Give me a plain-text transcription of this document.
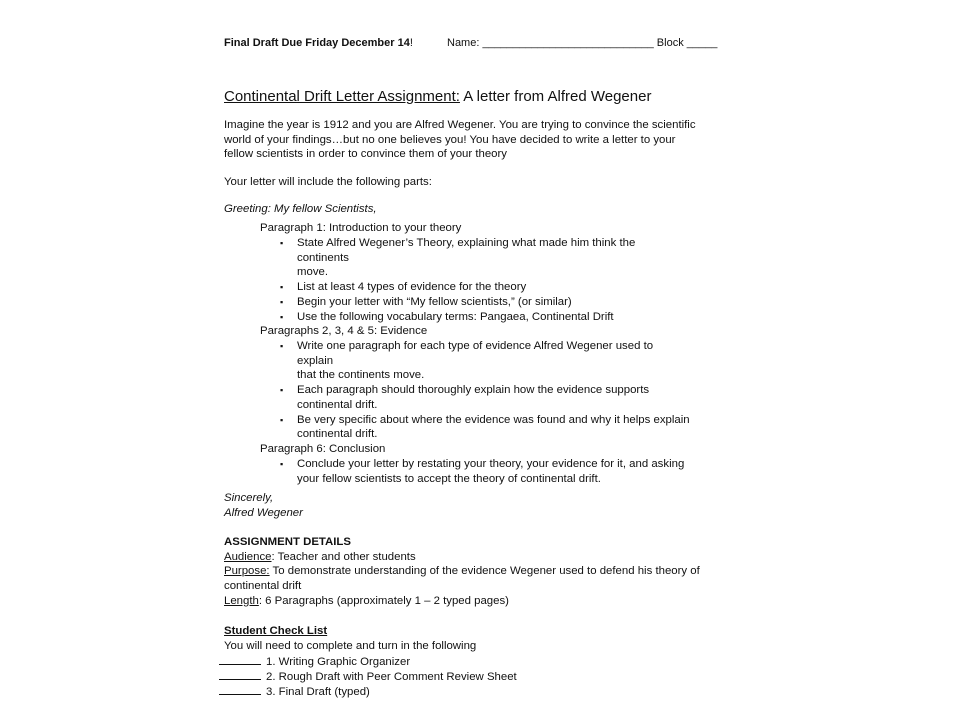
Final Draft Due Friday December 14!	Name: ____________________________ Block _____
Continental Drift Letter Assignment: A letter from Alfred Wegener
Imagine the year is 1912 and you are Alfred Wegener. You are trying to convince the scientific
world of your findings…but no one believes you! You have decided to write a letter to your
fellow scientists in order to convince them of your theory
Your letter will include the following parts:
Greeting: My fellow Scientists,
Paragraph 1: Introduction to your theory
▪ State Alfred Wegener’s Theory, explaining what made him think the continents
move.
▪ List at least 4 types of evidence for the theory
▪ Begin your letter with “My fellow scientists,” (or similar)
▪ Use the following vocabulary terms: Pangaea, Continental Drift
Paragraphs 2, 3, 4 & 5: Evidence
▪ Write one paragraph for each type of evidence Alfred Wegener used to explain
that the continents move.
▪ Each paragraph should thoroughly explain how the evidence supports
continental drift.
▪ Be very specific about where the evidence was found and why it helps explain
continental drift.
Paragraph 6: Conclusion
▪ Conclude your letter by restating your theory, your evidence for it, and asking
your fellow scientists to accept the theory of continental drift.
Sincerely,
Alfred Wegener
ASSIGNMENT DETAILS
Audience: Teacher and other students
Purpose: To demonstrate understanding of the evidence Wegener used to defend his theory of
continental drift
Length: 6 Paragraphs (approximately 1 – 2 typed pages)
Student Check List
You will need to complete and turn in the following
1. Writing Graphic Organizer
2. Rough Draft with Peer Comment Review Sheet
3. Final Draft (typed)
